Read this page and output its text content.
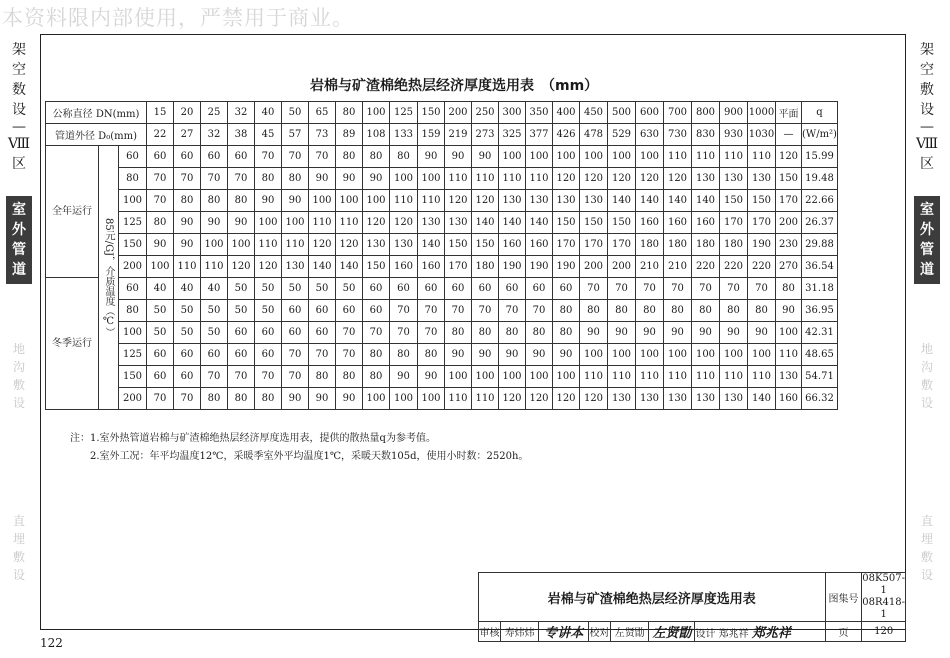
本资料限内部使用，严禁用于商业。
架
空
数
设
—
Ⅷ
区
室
外
管
道
地
沟
敷
设
直
埋
敷
设
架
空
敷
设
—
Ⅷ
区
室
外
管
道
地
沟
敷
设
直
埋
敷
设
岩棉与矿渣棉绝热层经济厚度选用表　（mm）
公称直径 DN(mm)			15	20	25	32	40	50	65	80	100	125	150	200	250	300	350	400	450	500	600	700	800	900	1000	平面	q
管道外径 D₀(mm)			22	27	32	38	45	57	73	89	108	133	159	219	273	325	377	426	478	529	630	730	830	930	1030	—	(W/m²)
全年运行	85元/GJ，介质温度（℃）	60	60	60	60	60	70	70	70	80	80	80	90	90	90	100	100	100	100	100	100	110	110	110	110	120	15.99
		80	70	70	70	70	80	80	90	90	90	100	100	110	110	110	110	120	120	120	120	120	130	130	130	150	19.48
		100	70	80	80	80	90	90	100	100	100	110	110	120	120	130	130	130	130	140	140	140	140	150	150	170	22.66
		125	80	90	90	90	100	100	110	110	120	120	130	130	140	140	140	150	150	150	160	160	160	170	170	200	26.37
		150	90	90	100	100	110	110	120	120	130	130	140	150	150	160	160	170	170	170	180	180	180	180	190	230	29.88
		200	100	110	110	120	120	130	140	140	150	160	160	170	180	190	190	190	200	200	210	210	220	220	220	270	36.54
冬季运行		60	40	40	40	50	50	50	50	50	60	60	60	60	60	60	60	60	70	70	70	70	70	70	70	80	31.18
		80	50	50	50	50	50	60	60	60	60	70	70	70	70	70	70	80	80	80	80	80	80	80	80	90	36.95
		100	50	50	50	60	60	60	60	70	70	70	70	80	80	80	80	80	90	90	90	90	90	90	90	100	42.31
		125	60	60	60	60	60	70	70	70	80	80	80	90	90	90	90	90	100	100	100	100	100	100	100	110	48.65
		150	60	60	70	70	70	70	80	80	80	90	90	100	100	100	100	100	110	110	110	110	110	110	110	130	54.71
		200	70	70	80	80	80	90	90	90	100	100	100	110	110	120	120	120	120	130	130	130	130	130	140	160	66.32
注：1.室外热管道岩棉与矿渣棉绝热层经济厚度选用表，提供的散热量q为参考值。
　　2.室外工况：年平均温度12℃，采暖季室外平均温度1℃，采暖天数105d，使用小时数：2520h。
岩棉与矿渣棉绝热层经济厚度选用表							图集号	08K507-1 08R418-1
审核	寿炜炜	专讲本	校对	左贤勖	左贤勖	设计 郑兆祥 郑兆祥	页	120
122
